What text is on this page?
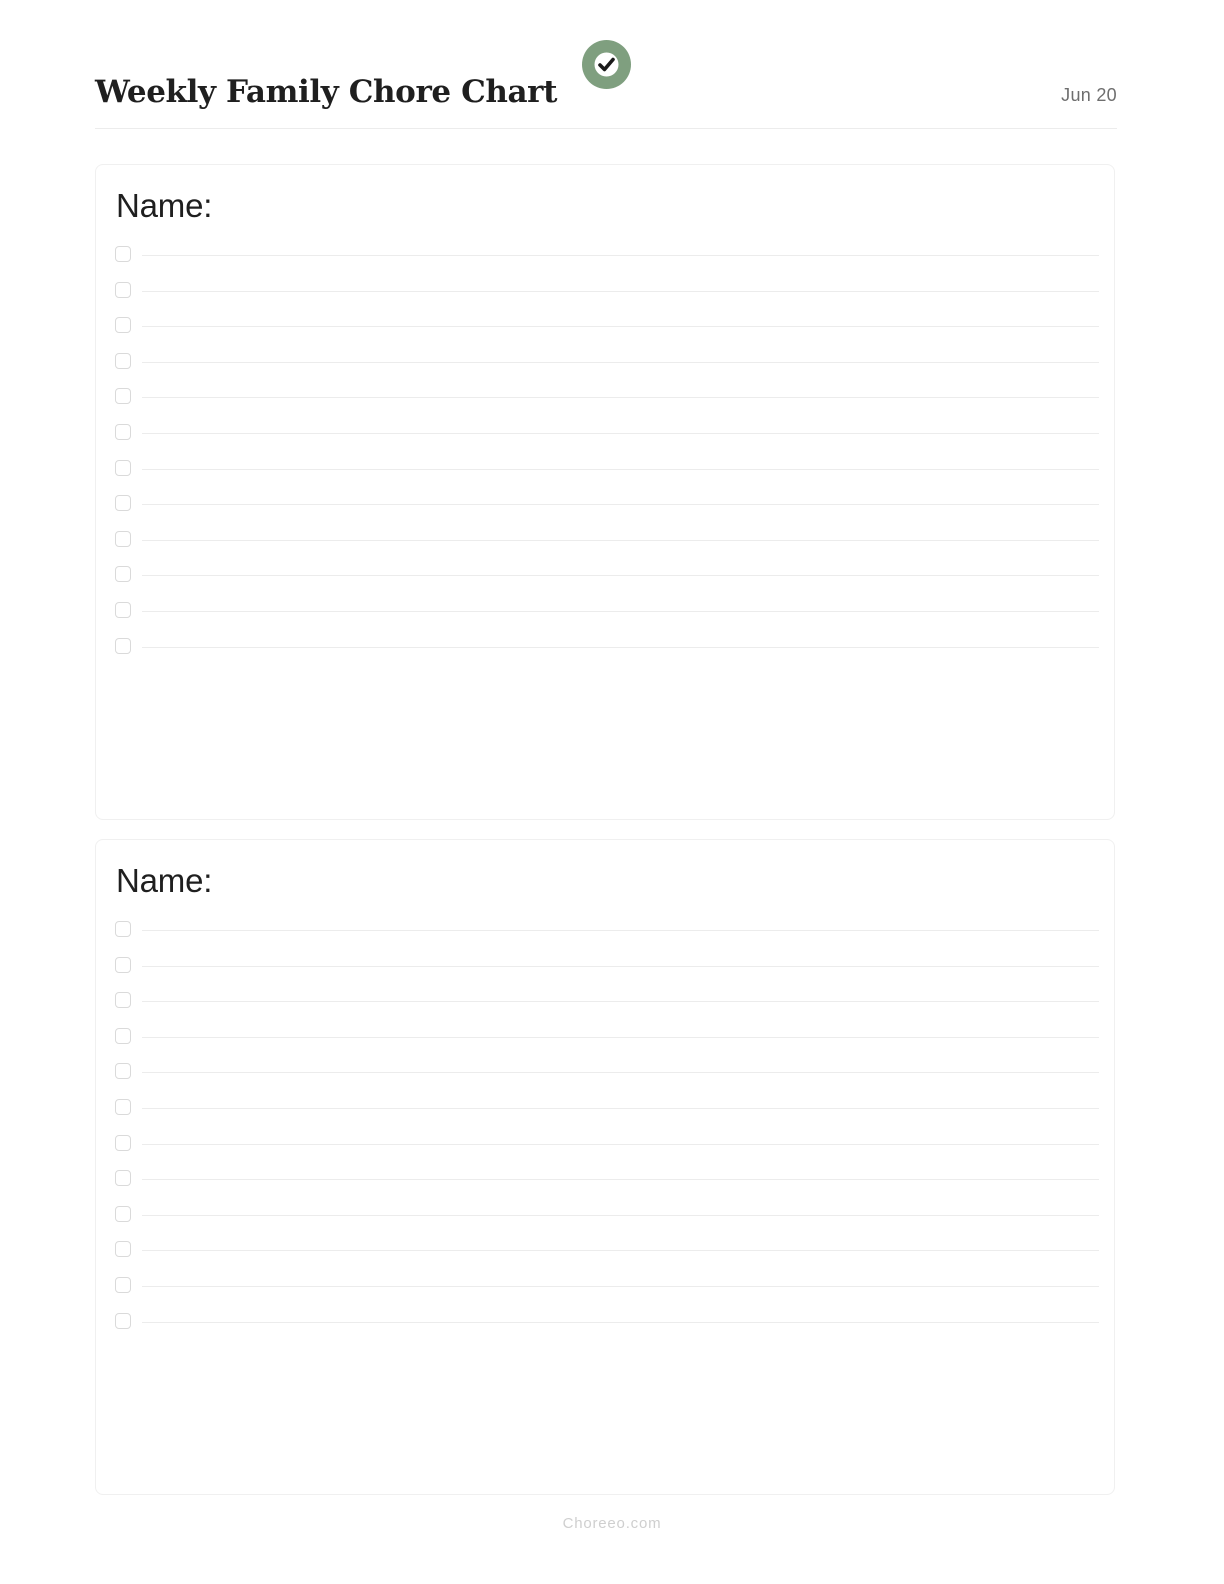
Weekly Family Chore Chart	Jun 20
Name:
Name:
Choreeo.com
